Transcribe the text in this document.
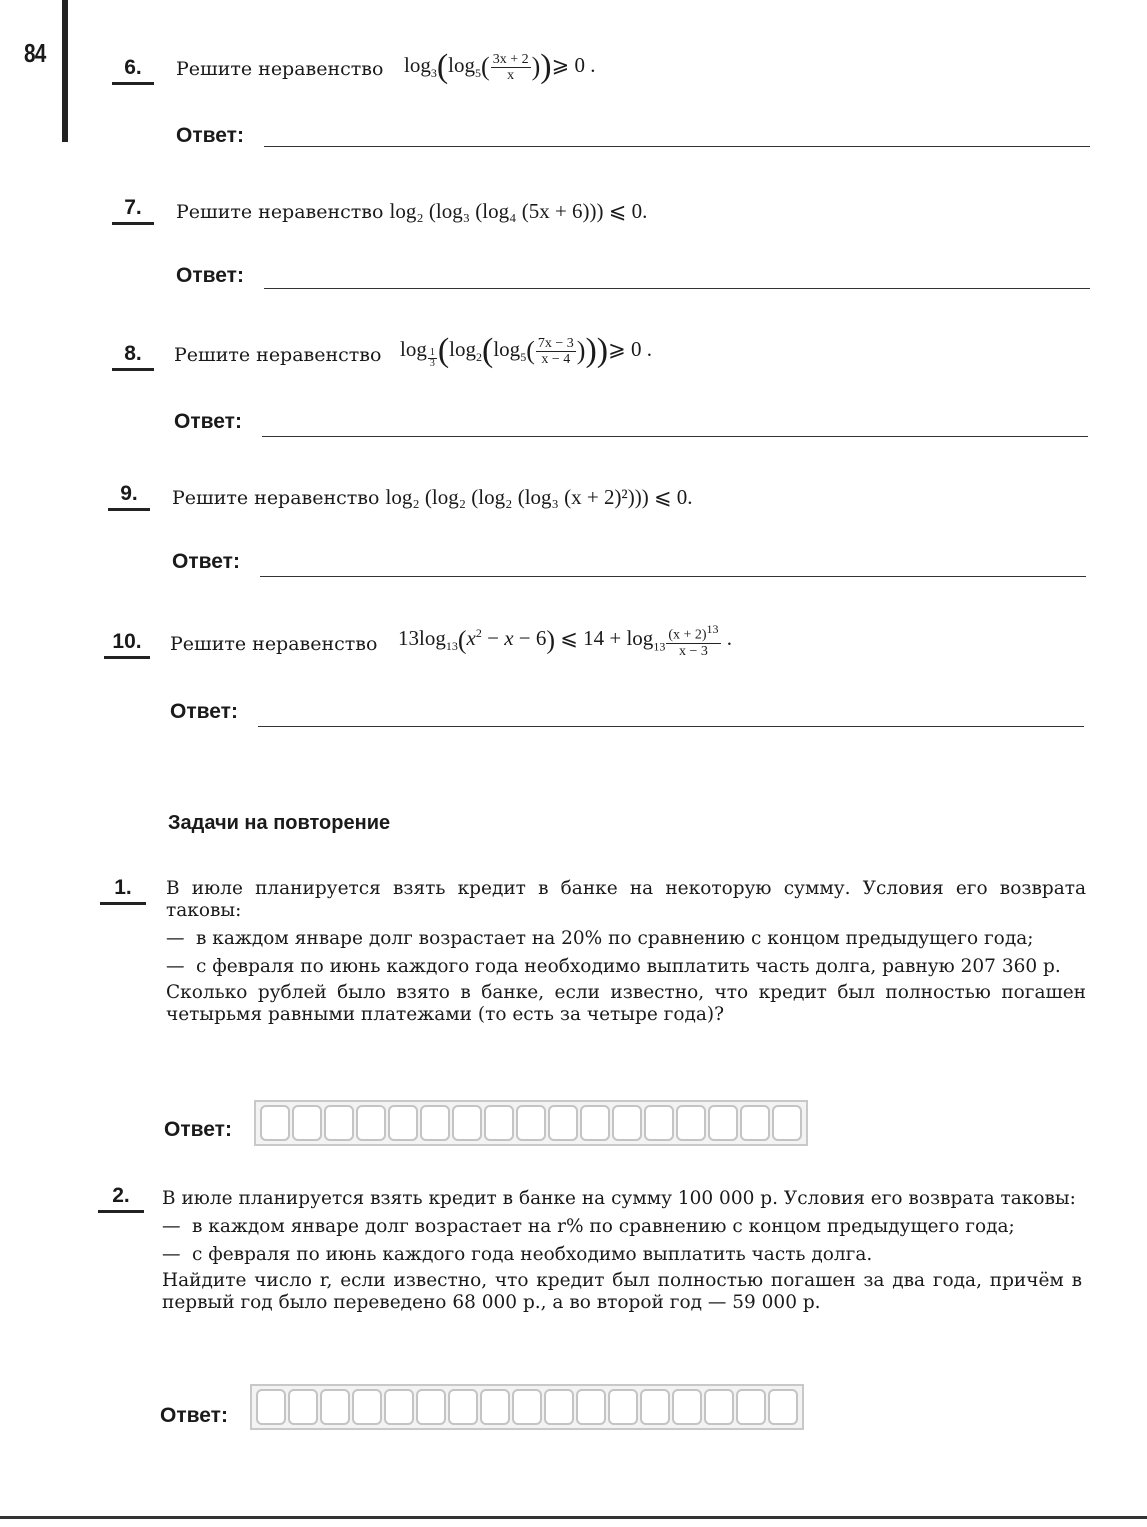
84	6.	Решите неравенство $\log_3(\log_5( \frac{3x + 2}{x}$ ))⩾ 0 .
Ответ:
7.	Решите неравенство log₂ (log₃ (log₄ (5x + 6))) ⩽ 0.
Ответ:
8.	Решите неравенство log $_{\frac{1}{3}}$ ($\log_2(\log_5( \frac{7x - 3}{x - 4}$ )))⩾ 0 .
Ответ:
9.	Решите неравенство log₂ (log₂ (log₂ (log₃ (x + 2)²))) ⩽ 0.
Ответ:
10.	Решите неравенство $13\log_{13}(x^2 - x - 6)$ ⩽ $14 + \log_{13} \frac{(x + 2)^{13}}{x - 3}$ .
Ответ:
Задачи на повторение
1.	В июле планируется взять кредит в банке на некоторую сумму. Условия его возврата таковы:
— в каждом январе долг возрастает на 20% по сравнению с концом предыдущего года;
— с февраля по июнь каждого года необходимо выплатить часть долга, равную 207 360 р.
Сколько рублей было взято в банке, если известно, что кредит был полностью погашен четырьмя равными платежами (то есть за четыре года)?
Ответ:
2.	В июле планируется взять кредит в банке на сумму 100 000 р. Условия его возврата таковы:
— в каждом январе долг возрастает на r% по сравнению с концом предыдущего года;
— с февраля по июнь каждого года необходимо выплатить часть долга.
Найдите число r, если известно, что кредит был полностью погашен за два года, причём в первый год было переведено 68 000 р., а во второй год — 59 000 р.
Ответ:
